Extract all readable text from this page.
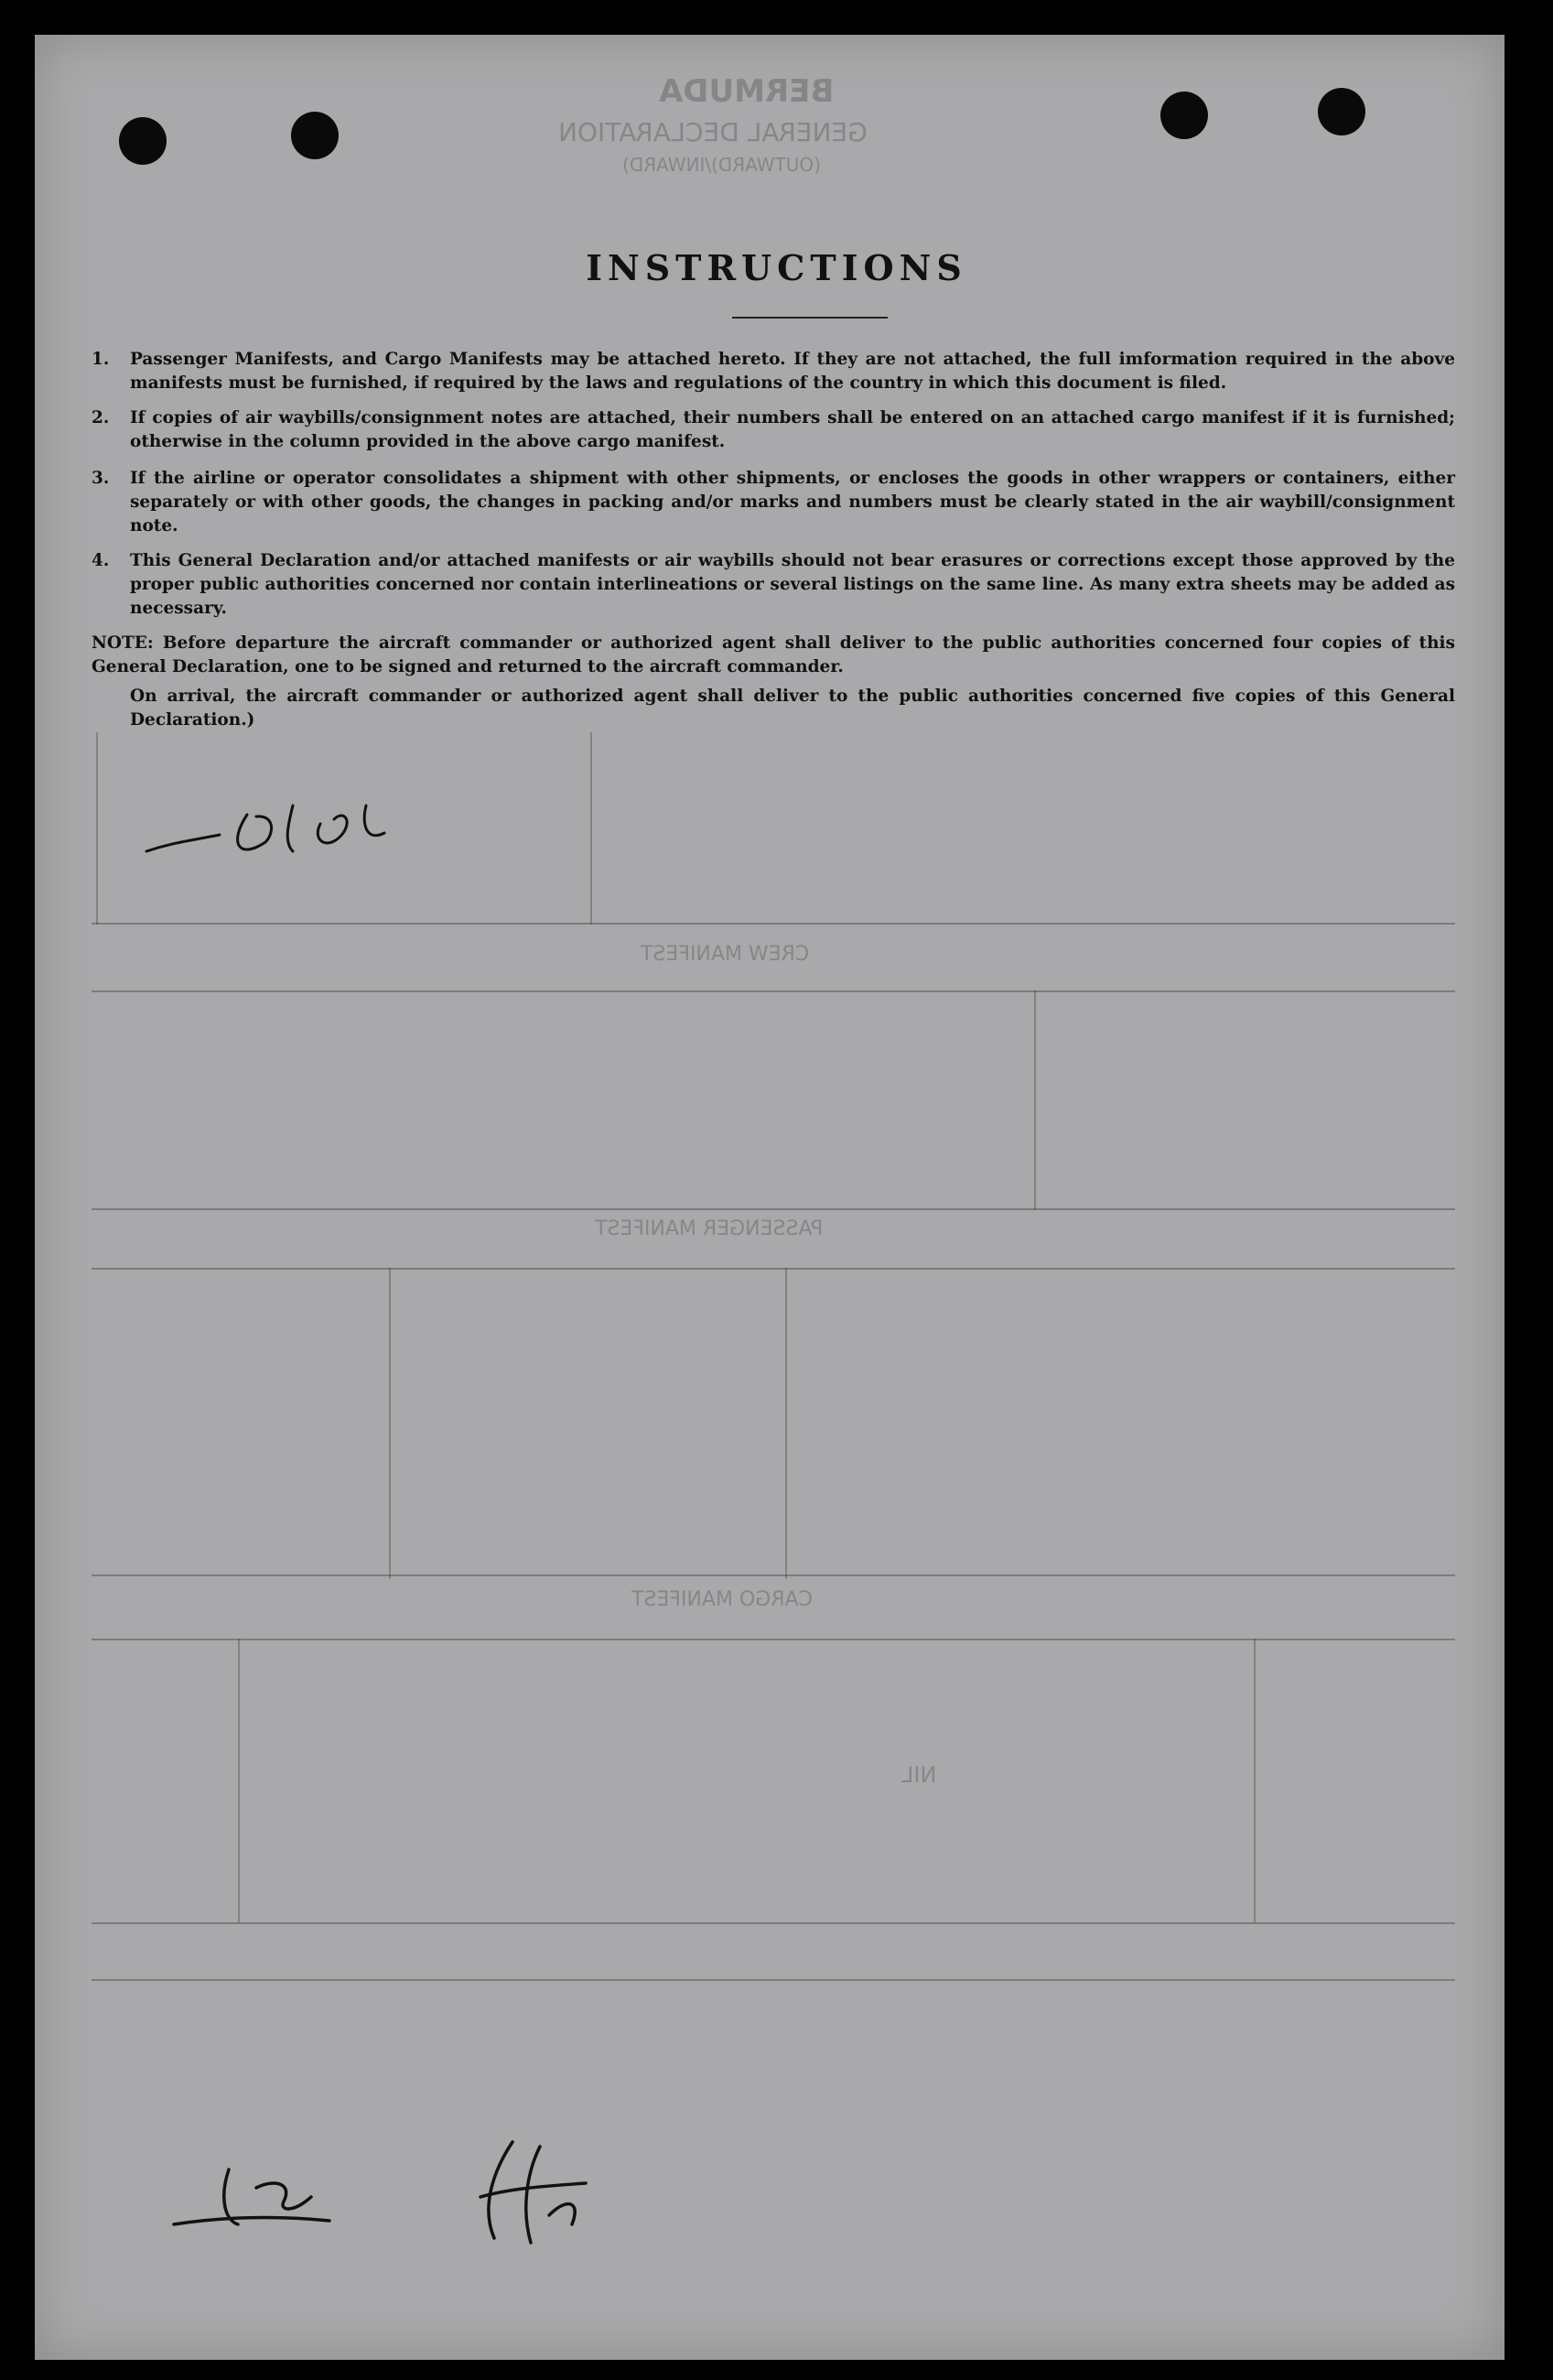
BERMUDA
GENERAL DECLARATION
(OUTWARD)/INWARD)
CREW MANIFEST
PASSENGER MANIFEST
CARGO MANIFEST
NIL
INSTRUCTIONS
1.	Passenger Manifests, and Cargo Manifests may be attached hereto. If they are not attached, the full imformation required in the above manifests must be furnished, if required by the laws and regulations of the country in which this document is filed.
2.	If copies of air waybills/consignment notes are attached, their numbers shall be entered on an attached cargo manifest if it is furnished; otherwise in the column provided in the above cargo manifest.
3.	If the airline or operator consolidates a shipment with other shipments, or encloses the goods in other wrappers or containers, either separately or with other goods, the changes in packing and/or marks and numbers must be clearly stated in the air waybill/consignment note.
4.	This General Declaration and/or attached manifests or air waybills should not bear erasures or corrections except those approved by the proper public authorities concerned nor contain interlineations or several listings on the same line. As many extra sheets may be added as necessary.
NOTE: Before departure the aircraft commander or authorized agent shall deliver to the public authorities concerned four copies of this General Declaration, one to be signed and returned to the aircraft commander.
On arrival, the aircraft commander or authorized agent shall deliver to the public authorities concerned five copies of this General Declaration.)
